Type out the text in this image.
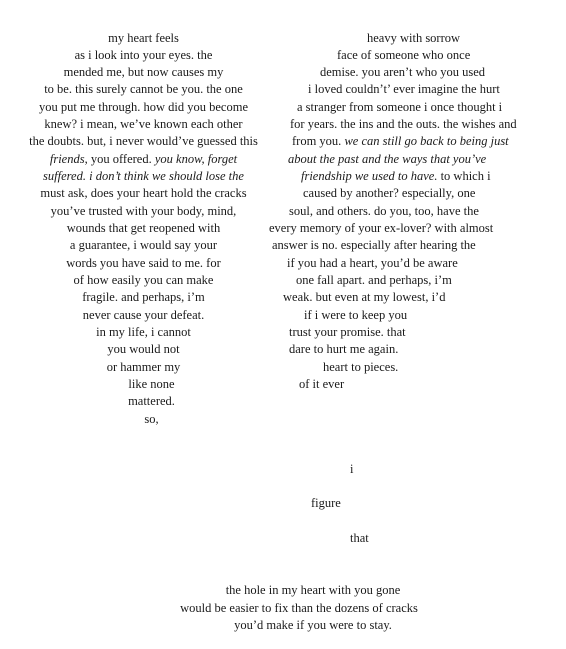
my heart feels
as i look into your eyes. the
mended me, but now causes my
to be. this surely cannot be you. the one
you put me through. how did you become
knew? i mean, we’ve known each other
the doubts. but, i never would’ve guessed this
friends, you offered. you know, forget
suffered. i don’t think we should lose the
must ask, does your heart hold the cracks
you’ve trusted with your body, mind,
wounds that get reopened with
a guarantee, i would say your
words you have said to me. for
of how easily you can make
fragile. and perhaps, i’m
never cause your defeat.
in my life, i cannot
you would not
or hammer my
like none
mattered.
so,
heavy with sorrow
face of someone who once
demise. you aren’t who you used
i loved couldn’t’ ever imagine the hurt
a stranger from someone i once thought i
for years. the ins and the outs. the wishes and
from you. we can still go back to being just
about the past and the ways that you’ve
friendship we used to have. to which i
caused by another? especially, one
soul, and others. do you, too, have the
every memory of your ex-lover? with almost
answer is no. especially after hearing the
if you had a heart, you’d be aware
one fall apart. and perhaps, i’m
weak. but even at my lowest, i’d
if i were to keep you
trust your promise. that
dare to hurt me again.
heart to pieces.
of it ever
i
figure
that
the hole in my heart with you gone
would be easier to fix than the dozens of cracks
you’d make if you were to stay.
